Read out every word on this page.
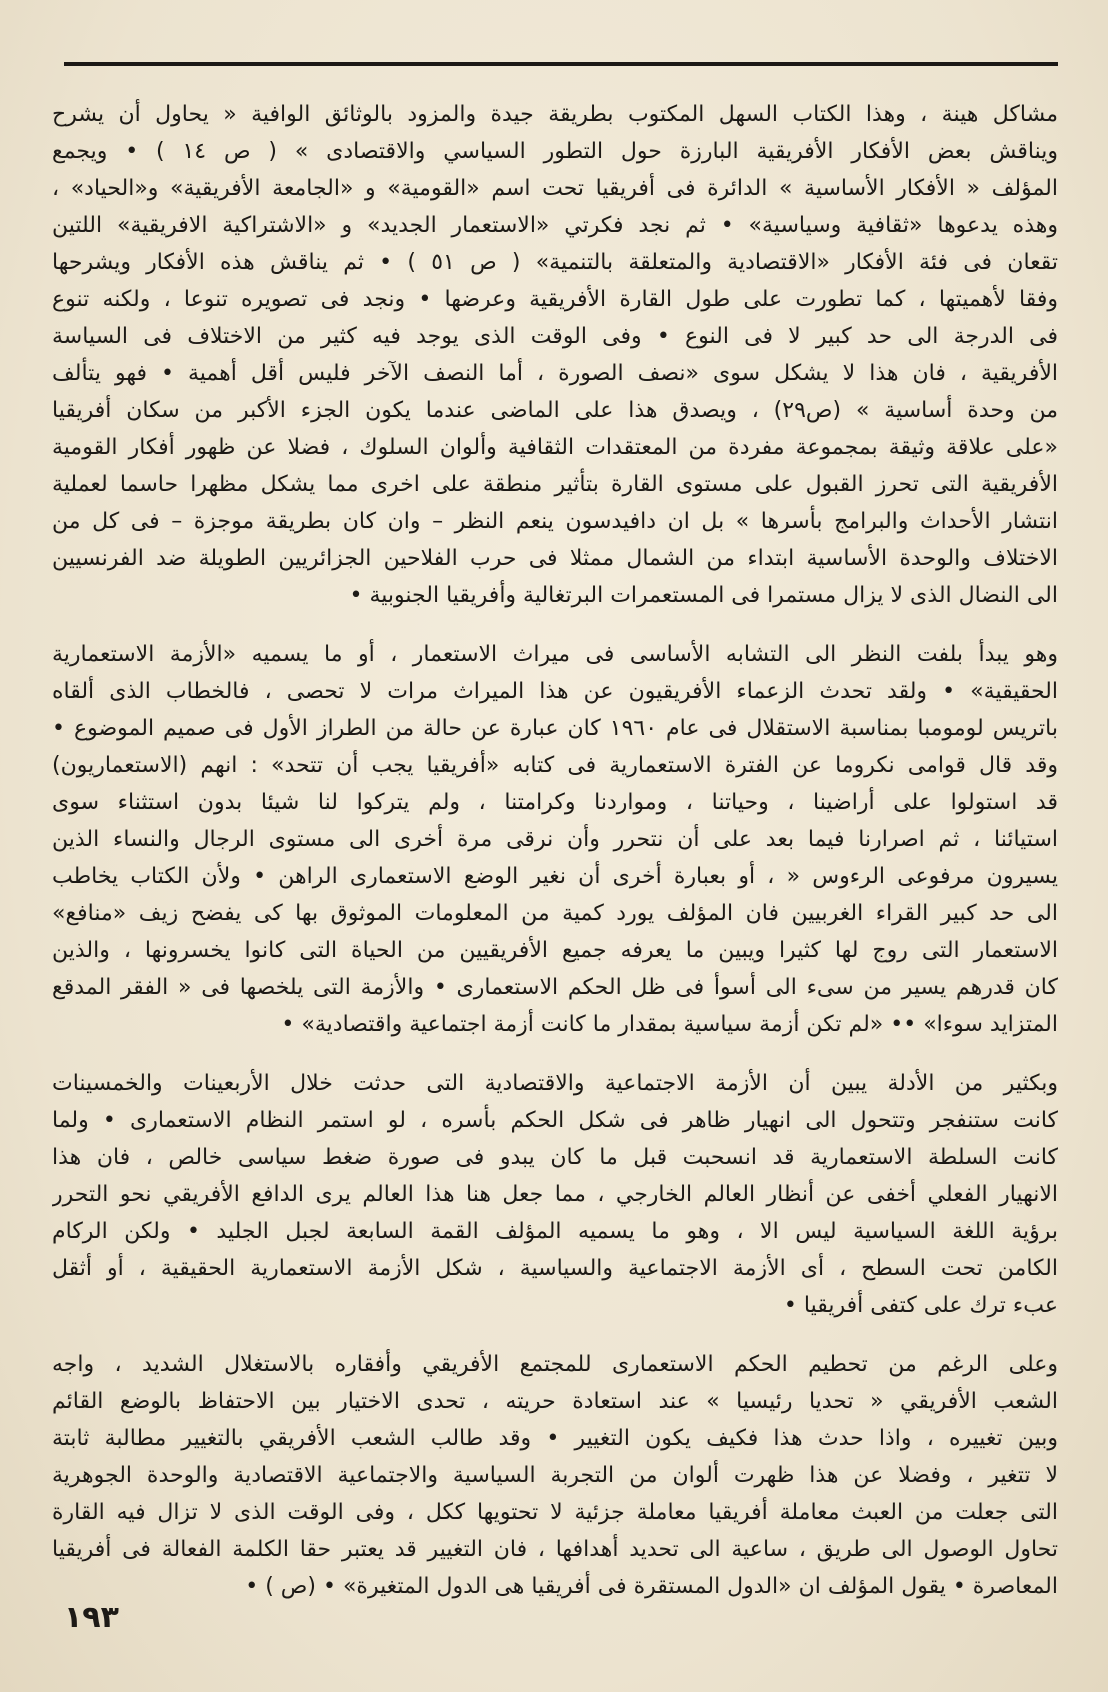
مشاكل هينة ، وهذا الكتاب السهل المكتوب بطريقة جيدة والمزود بالوثائق الوافية « يحاول أن يشرح
ويناقش بعض الأفكار الأفريقية البارزة حول التطور السياسي والاقتصادى » ( ص ١٤ ) • ويجمع
المؤلف « الأفكار الأساسية » الدائرة فى أفريقيا تحت اسم «القومية» و «الجامعة الأفريقية» و«الحياد» ،
وهذه يدعوها «ثقافية وسياسية» • ثم نجد فكرتي «الاستعمار الجديد» و «الاشتراكية الافريقية» اللتين
تقعان فى فئة الأفكار «الاقتصادية والمتعلقة بالتنمية» ( ص ٥١ ) • ثم يناقش هذه الأفكار ويشرحها
وفقا لأهميتها ، كما تطورت على طول القارة الأفريقية وعرضها • ونجد فى تصويره تنوعا ، ولكنه تنوع
فى الدرجة الى حد كبير لا فى النوع • وفى الوقت الذى يوجد فيه كثير من الاختلاف فى السياسة
الأفريقية ، فان هذا لا يشكل سوى «نصف الصورة ، أما النصف الآخر فليس أقل أهمية • فهو يتألف
من وحدة أساسية » (ص٢٩) ، ويصدق هذا على الماضى عندما يكون الجزء الأكبر من سكان أفريقيا
«على علاقة وثيقة بمجموعة مفردة من المعتقدات الثقافية وألوان السلوك ، فضلا عن ظهور أفكار القومية
الأفريقية التى تحرز القبول على مستوى القارة بتأثير منطقة على اخرى مما يشكل مظهرا حاسما لعملية
انتشار الأحداث والبرامج بأسرها » بل ان دافيدسون ينعم النظر – وان كان بطريقة موجزة – فى كل من
الاختلاف والوحدة الأساسية ابتداء من الشمال ممثلا فى حرب الفلاحين الجزائريين الطويلة ضد الفرنسيين
الى النضال الذى لا يزال مستمرا فى المستعمرات البرتغالية وأفريقيا الجنوبية •
وهو يبدأ بلفت النظر الى التشابه الأساسى فى ميراث الاستعمار ، أو ما يسميه «الأزمة الاستعمارية
الحقيقية» • ولقد تحدث الزعماء الأفريقيون عن هذا الميراث مرات لا تحصى ، فالخطاب الذى ألقاه
باتريس لومومبا بمناسبة الاستقلال فى عام ١٩٦٠ كان عبارة عن حالة من الطراز الأول فى صميم الموضوع •
وقد قال قوامى نكروما عن الفترة الاستعمارية فى كتابه «أفريقيا يجب أن تتحد» : انهم (الاستعماريون)
قد استولوا على أراضينا ، وحياتنا ، ومواردنا وكرامتنا ، ولم يتركوا لنا شيئا بدون استثناء سوى
استيائنا ، ثم اصرارنا فيما بعد على أن نتحرر وأن نرقى مرة أخرى الى مستوى الرجال والنساء الذين
يسيرون مرفوعى الرءوس « ، أو بعبارة أخرى أن نغير الوضع الاستعمارى الراهن • ولأن الكتاب يخاطب
الى حد كبير القراء الغربيين فان المؤلف يورد كمية من المعلومات الموثوق بها كى يفضح زيف «منافع»
الاستعمار التى روج لها كثيرا ويبين ما يعرفه جميع الأفريقيين من الحياة التى كانوا يخسرونها ، والذين
كان قدرهم يسير من سىء الى أسوأ فى ظل الحكم الاستعمارى • والأزمة التى يلخصها فى « الفقر المدقع
المتزايد سوءا» •• «لم تكن أزمة سياسية بمقدار ما كانت أزمة اجتماعية واقتصادية» •
وبكثير من الأدلة يبين أن الأزمة الاجتماعية والاقتصادية التى حدثت خلال الأربعينات والخمسينات
كانت ستنفجر وتتحول الى انهيار ظاهر فى شكل الحكم بأسره ، لو استمر النظام الاستعمارى • ولما
كانت السلطة الاستعمارية قد انسحبت قبل ما كان يبدو فى صورة ضغط سياسى خالص ، فان هذا
الانهيار الفعلي أخفى عن أنظار العالم الخارجي ، مما جعل هنا هذا العالم يرى الدافع الأفريقي نحو التحرر
برؤية اللغة السياسية ليس الا ، وهو ما يسميه المؤلف القمة السابعة لجبل الجليد • ولكن الركام
الكامن تحت السطح ، أى الأزمة الاجتماعية والسياسية ، شكل الأزمة الاستعمارية الحقيقية ، أو أثقل
عبء ترك على كتفى أفريقيا •
وعلى الرغم من تحطيم الحكم الاستعمارى للمجتمع الأفريقي وأفقاره بالاستغلال الشديد ، واجه
الشعب الأفريقي « تحديا رئيسيا » عند استعادة حريته ، تحدى الاختيار بين الاحتفاظ بالوضع القائم
وبين تغييره ، واذا حدث هذا فكيف يكون التغيير • وقد طالب الشعب الأفريقي بالتغيير مطالبة ثابتة
لا تتغير ، وفضلا عن هذا ظهرت ألوان من التجربة السياسية والاجتماعية الاقتصادية والوحدة الجوهرية
التى جعلت من العبث معاملة أفريقيا معاملة جزئية لا تحتويها ككل ، وفى الوقت الذى لا تزال فيه القارة
تحاول الوصول الى طريق ، ساعية الى تحديد أهدافها ، فان التغيير قد يعتبر حقا الكلمة الفعالة فى أفريقيا
المعاصرة • يقول المؤلف ان «الدول المستقرة فى أفريقيا هى الدول المتغيرة» • (ص ) •
١٩٣
